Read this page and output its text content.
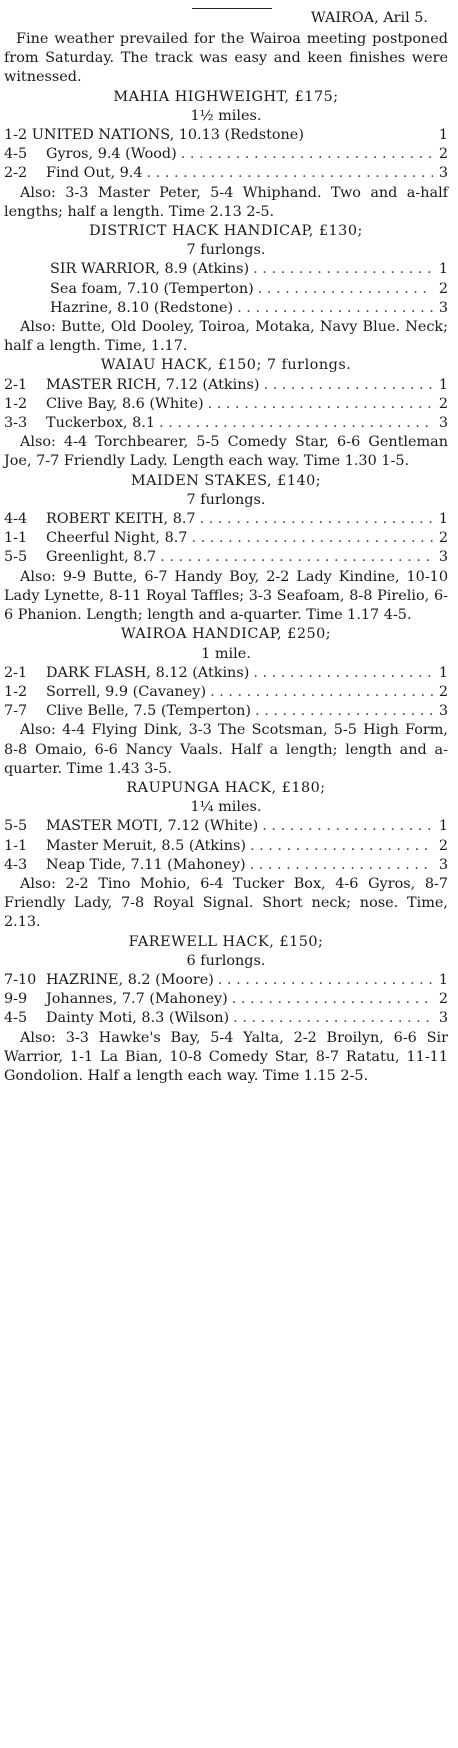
WAIROA, Aril 5.
Fine weather prevailed for the Wairoa meeting postponed from Saturday. The track was easy and keen finishes were witnessed.
MAHIA HIGHWEIGHT, £175;
1½ miles.
1-2 UNITED NATIONS, 10.13 (Redstone)	1
4-5	Gyros, 9.4 (Wood) . . .	2
2-2	Find Out, 9.4 . . .	3
Also: 3-3 Master Peter, 5-4 Whiphand. Two and a-half lengths; half a length. Time 2.13 2-5.
DISTRICT HACK HANDICAP, £130;
7 furlongs.
SIR WARRIOR, 8.9 (Atkins) . . .	1
Sea foam, 7.10 (Temperton) . . .	2
Hazrine, 8.10 (Redstone) . . .	3
Also: Butte, Old Dooley, Toiroa, Motaka, Navy Blue. Neck; half a length. Time, 1.17.
WAIAU HACK, £150; 7 furlongs.
2-1	MASTER RICH, 7.12 (Atkins) . . .	1
1-2	Clive Bay, 8.6 (White) . . .	2
3-3	Tuckerbox, 8.1 . . .	3
Also: 4-4 Torchbearer, 5-5 Comedy Star, 6-6 Gentleman Joe, 7-7 Friendly Lady. Length each way. Time 1.30 1-5.
MAIDEN STAKES, £140;
7 furlongs.
4-4	ROBERT KEITH, 8.7 . . .	1
1-1	Cheerful Night, 8.7 . . .	2
5-5	Greenlight, 8.7 . . .	3
Also: 9-9 Butte, 6-7 Handy Boy, 2-2 Lady Kindine, 10-10 Lady Lynette, 8-11 Royal Taffles; 3-3 Seafoam, 8-8 Pirelio, 6-6 Phanion. Length; length and a-quarter. Time 1.17 4-5.
WAIROA HANDICAP, £250;
1 mile.
2-1	DARK FLASH, 8.12 (Atkins) . . .	1
1-2	Sorrell, 9.9 (Cavaney) . . .	2
7-7	Clive Belle, 7.5 (Temperton) . . .	3
Also: 4-4 Flying Dink, 3-3 The Scotsman, 5-5 High Form, 8-8 Omaio, 6-6 Nancy Vaals. Half a length; length and a-quarter. Time 1.43 3-5.
RAUPUNGA HACK, £180;
1¼ miles.
5-5	MASTER MOTI, 7.12 (White) . . .	1
1-1	Master Meruit, 8.5 (Atkins) . . .	2
4-3	Neap Tide, 7.11 (Mahoney) . . .	3
Also: 2-2 Tino Mohio, 6-4 Tucker Box, 4-6 Gyros, 8-7 Friendly Lady, 7-8 Royal Signal. Short neck; nose. Time, 2.13.
FAREWELL HACK, £150;
6 furlongs.
7-10 HAZRINE, 8.2 (Moore) . . .	1
9-9	Johannes, 7.7 (Mahoney) . . .	2
4-5	Dainty Moti, 8.3 (Wilson) . . .	3
Also: 3-3 Hawke's Bay, 5-4 Yalta, 2-2 Broilyn, 6-6 Sir Warrior, 1-1 La Bian, 10-8 Comedy Star, 8-7 Ratatu, 11-11 Gondolion. Half a length each way. Time 1.15 2-5.
